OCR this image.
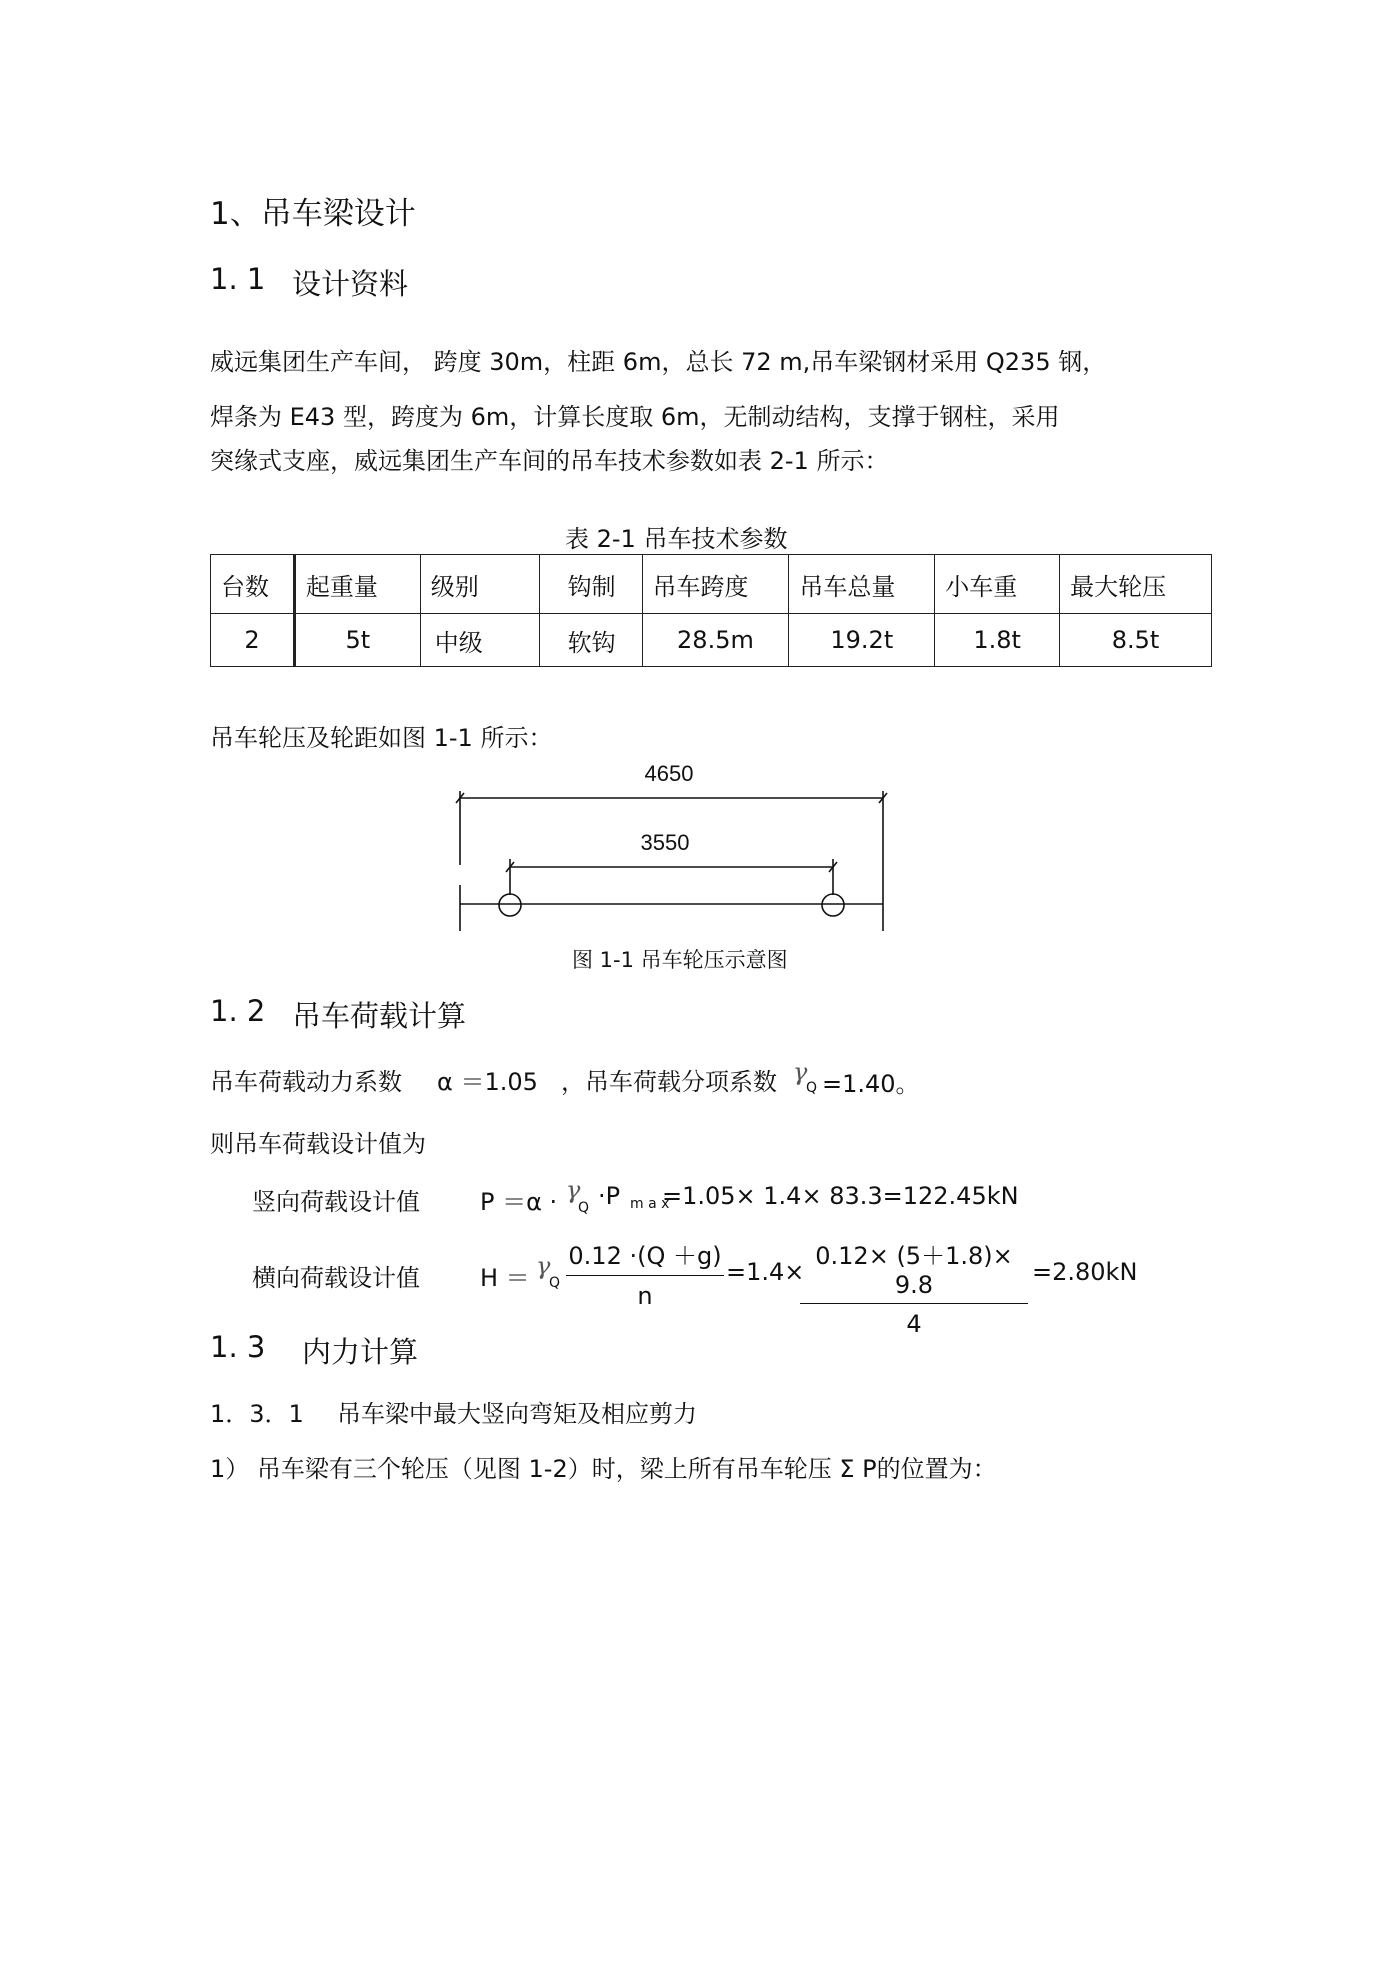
1、吊车梁设计
1. 1 设计资料
威远集团生产车间， 跨度 30m，柱距 6m，总长 72 m,吊车梁钢材采用 Q235 钢，
焊条为 E43 型，跨度为 6m，计算长度取 6m，无制动结构，支撑于钢柱，采用
突缘式支座，威远集团生产车间的吊车技术参数如表 2-1 所示：
表 2-1 吊车技术参数
台数	起重量	级别	钩制	吊车跨度	吊车总量	小车重	最大轮压
2	5t	中级	软钩	28.5m	19.2t	1.8t	8.5t
吊车轮压及轮距如图 1-1 所示：
4650
3550
图 1-1 吊车轮压示意图
1. 2 吊车荷载计算
吊车荷载动力系数 α ＝1.05 ，吊车荷载分项系数 γ
Q =1.40。
则吊车荷载设计值为
竖向荷载设计值	P ＝α · γ
Q ·P m a x
=1.05× 1.4× 83.3=122.45kN
横向荷载设计值	H ＝ γ
Q
0.12 ·(Q ＋g)
n
=1.4×
0.12× (5＋1.8)× 9.8
4
=2.80kN
1. 3 内力计算
1．3．1 吊车梁中最大竖向弯矩及相应剪力
1） 吊车梁有三个轮压（见图 1-2）时，梁上所有吊车轮压 Σ P的位置为：
